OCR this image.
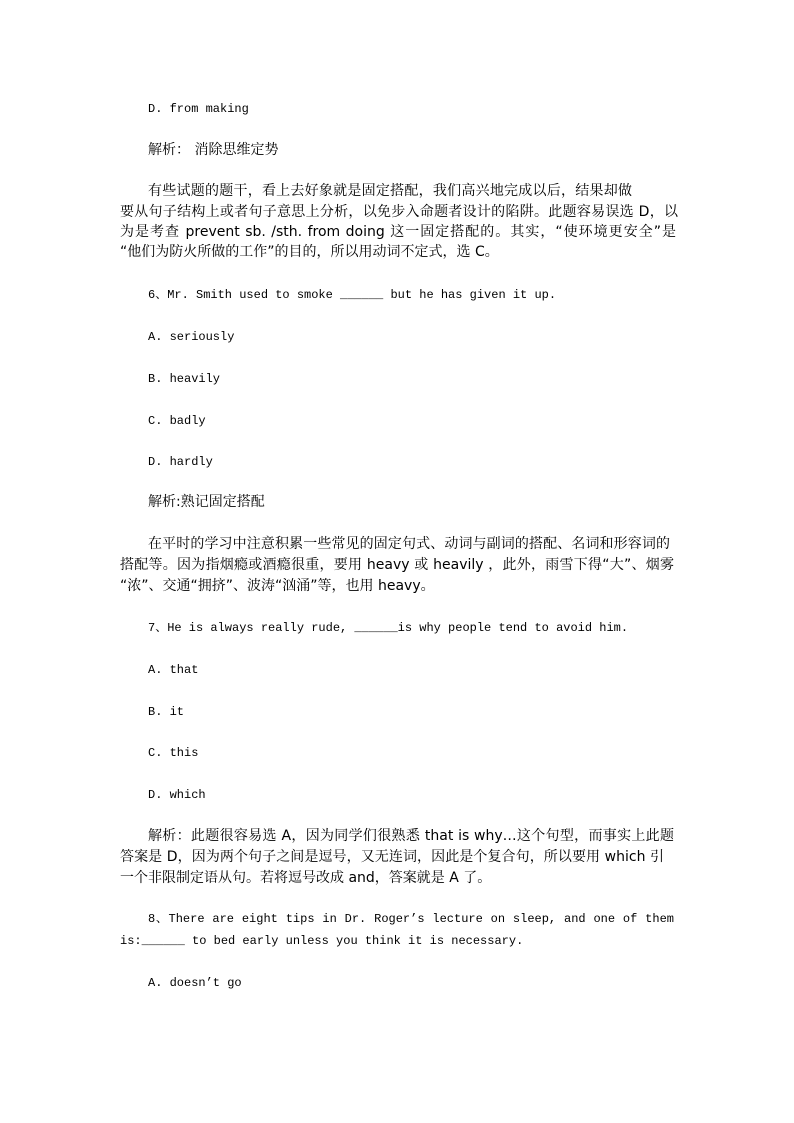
D. from making
解析： 消除思维定势
有些试题的题干，看上去好象就是固定搭配，我们高兴地完成以后，结果却做
要从句子结构上或者句子意思上分析，以免步入命题者设计的陷阱。此题容易误选 D，以
为是考查 prevent sb. /sth. from doing 这一固定搭配的。其实，“使环境更安全”是
“他们为防火所做的工作”的目的，所以用动词不定式，选 C。
6、Mr. Smith used to smoke ______ but he has given it up.
A. seriously
B. heavily
C. badly
D. hardly
解析:熟记固定搭配
在平时的学习中注意积累一些常见的固定句式、动词与副词的搭配、名词和形容词的
搭配等。因为指烟瘾或酒瘾很重，要用 heavy 或 heavily ，此外，雨雪下得“大”、烟雾
“浓”、交通“拥挤”、波涛“汹涌”等，也用 heavy。
7、He is always really rude, ______is why people tend to avoid him.
A. that
B. it
C. this
D. which
解析：此题很容易选 A，因为同学们很熟悉 that is why…这个句型，而事实上此题
答案是 D，因为两个句子之间是逗号，又无连词，因此是个复合句，所以要用 which 引
一个非限制定语从句。若将逗号改成 and，答案就是 A 了。
8、There are eight tips in Dr. Roger’s lecture on sleep, and one of them
is:______ to bed early unless you think it is necessary.
A. doesn’t go
